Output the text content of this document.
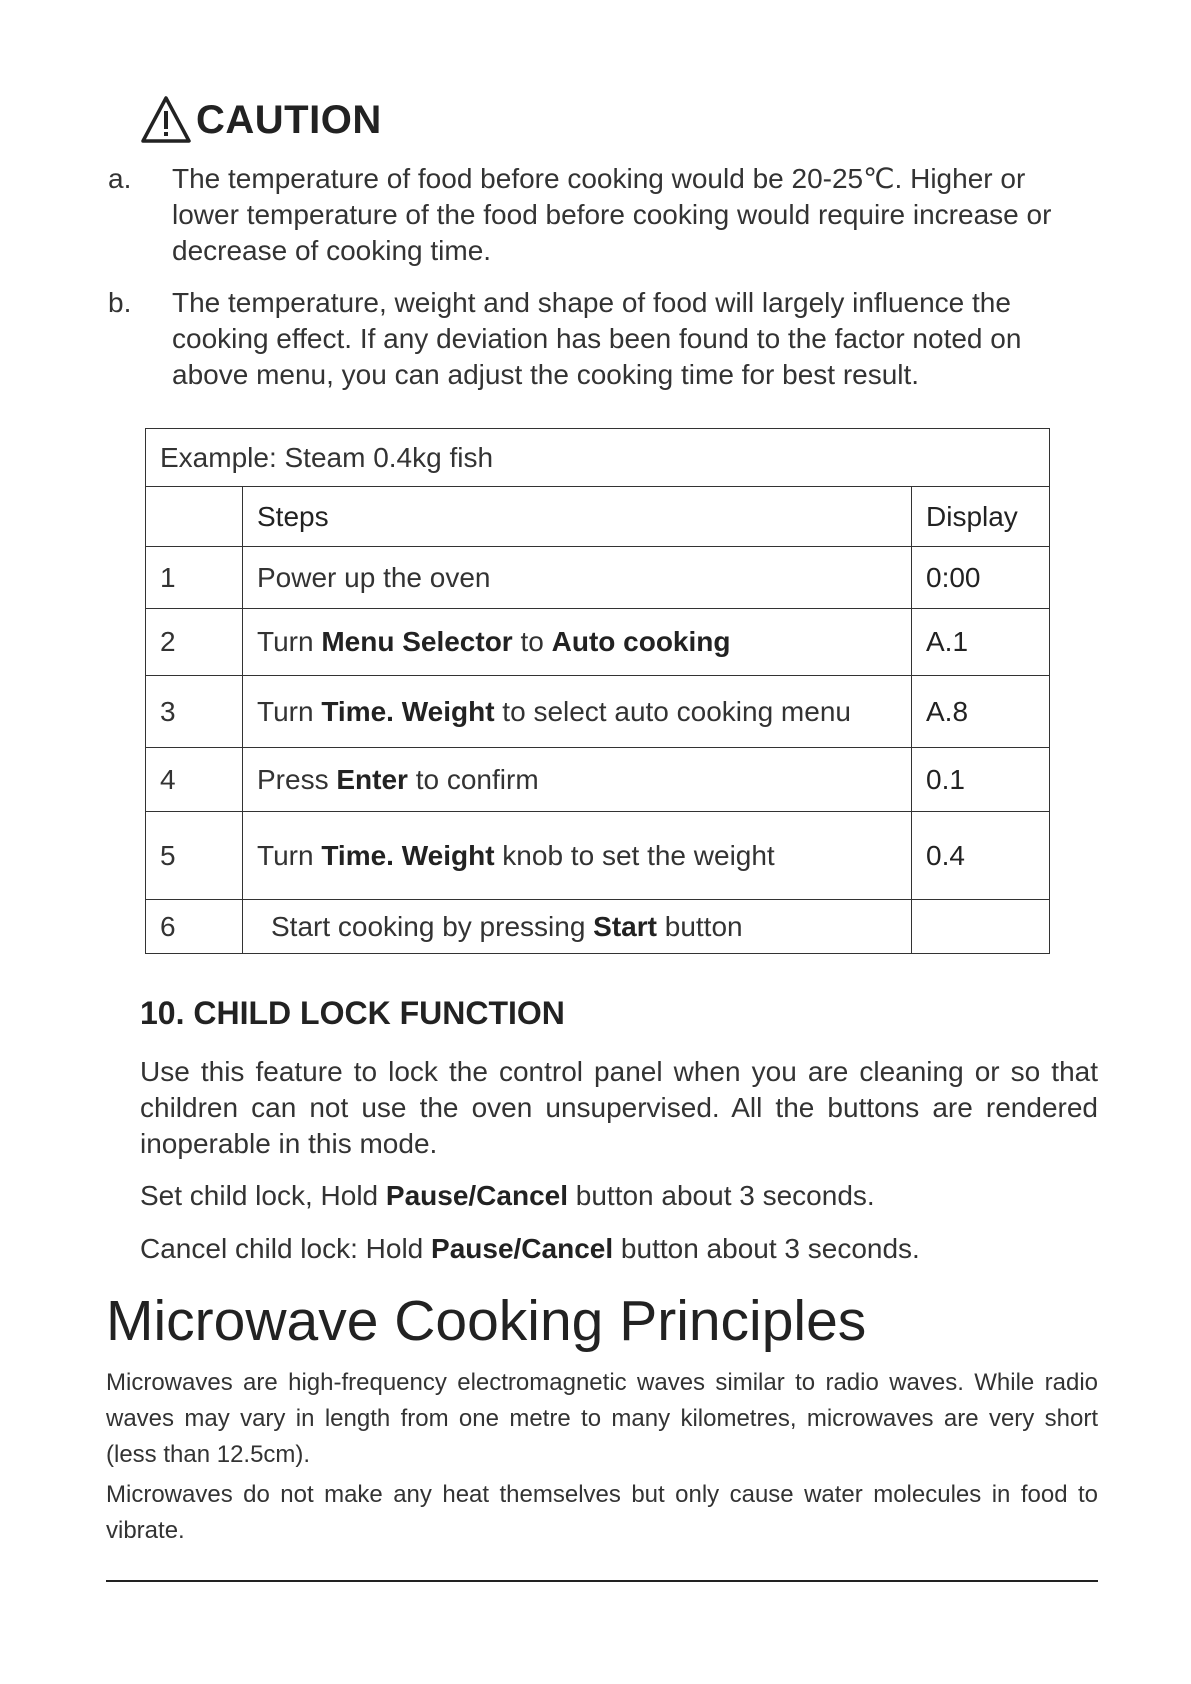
CAUTION
a. The temperature of food before cooking would be 20-25℃. Higher or lower temperature of the food before cooking would require increase or decrease of cooking time.
b. The temperature, weight and shape of food will largely influence the cooking effect. If any deviation has been found to the factor noted on above menu, you can adjust the cooking time for best result.
Example: Steam 0.4kg fish		
	Steps	Display
1	Power up the oven	0:00
2	Turn Menu Selector to Auto cooking	A.1
3	Turn Time. Weight to select auto cooking menu	A.8
4	Press Enter to confirm	0.1
5	Turn Time. Weight knob to set the weight	0.4
6	Start cooking by pressing Start button	
10. CHILD LOCK FUNCTION
Use this feature to lock the control panel when you are cleaning or so that children can not use the oven unsupervised. All the buttons are rendered inoperable in this mode.
Set child lock, Hold Pause/Cancel button about 3 seconds.
Cancel child lock: Hold Pause/Cancel button about 3 seconds.
Microwave Cooking Principles
Microwaves are high-frequency electromagnetic waves similar to radio waves. While radio waves may vary in length from one metre to many kilometres, microwaves are very short (less than 12.5cm).
Microwaves do not make any heat themselves but only cause water molecules in food to vibrate.
